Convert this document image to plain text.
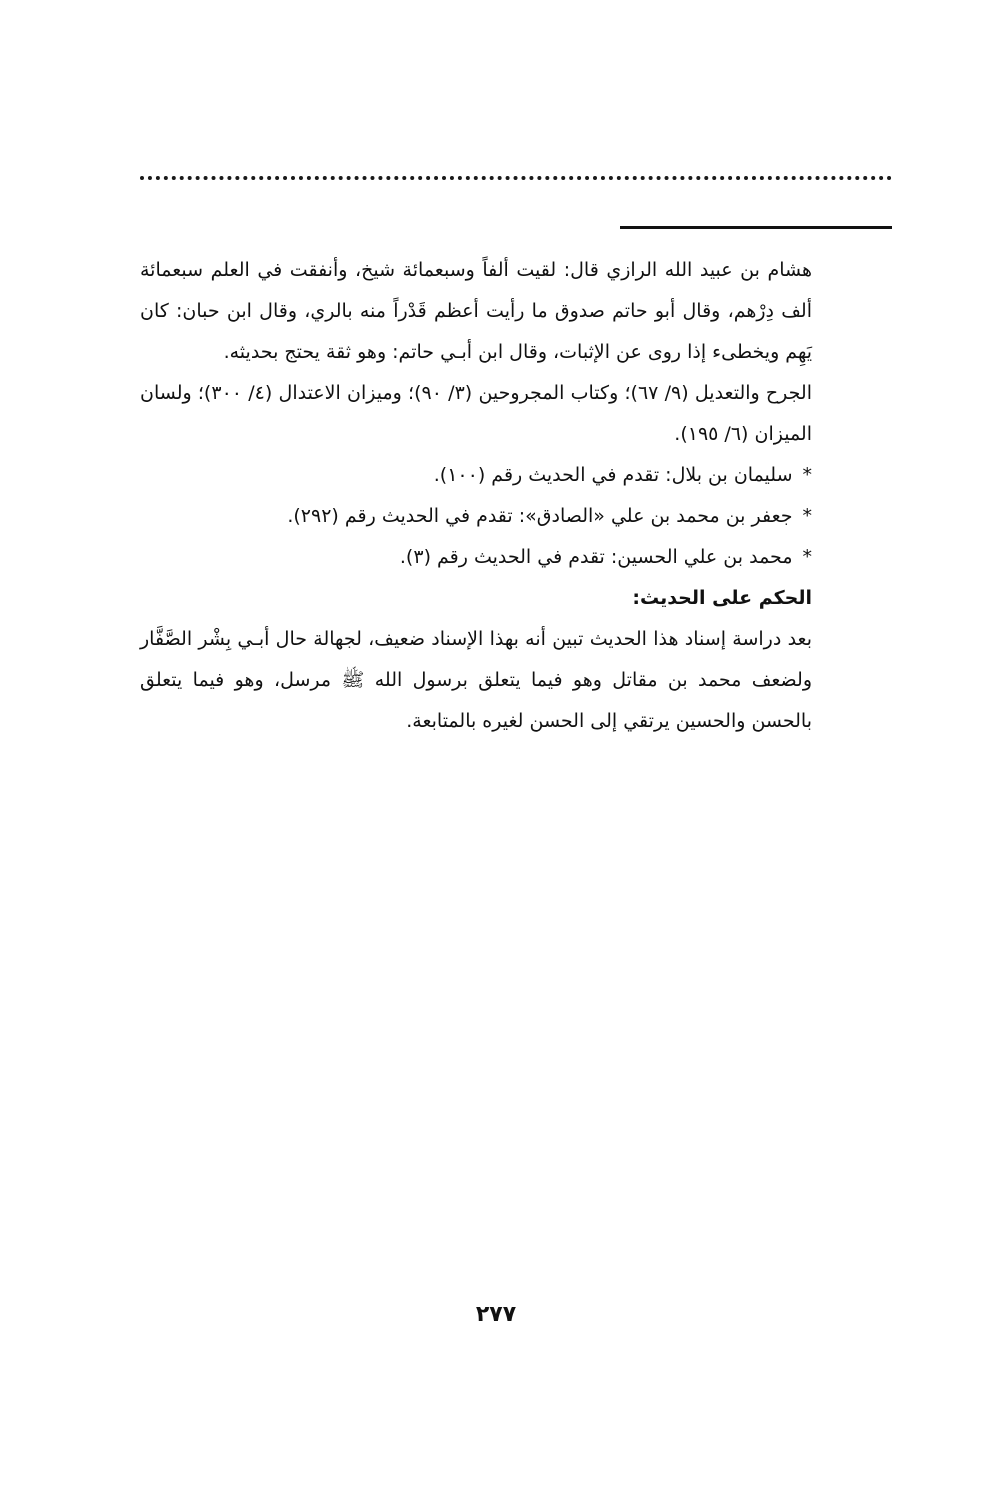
هشام بن عبيد الله الرازي قال: لقيت ألفاً وسبعمائة شيخ، وأنفقت في العلم سبعمائة ألف دِرْهم، وقال أبو حاتم صدوق ما رأيت أعظم قَدْراً منه بالري، وقال ابن حبان: كان يَهِم ويخطىء إذا روى عن الإثبات، وقال ابن أبـي حاتم: وهو ثقة يحتج بحديثه.

الجرح والتعديل (٩/ ٦٧)؛ وكتاب المجروحين (٣/ ٩٠)؛ وميزان الاعتدال (٤/ ٣٠٠)؛ ولسان الميزان (٦/ ١٩٥).

*سليمان بن بلال: تقدم في الحديث رقم (١٠٠).

*جعفر بن محمد بن علي «الصادق»: تقدم في الحديث رقم (٢٩٢).

*محمد بن علي الحسين: تقدم في الحديث رقم (٣).

الحكم على الحديث:

بعد دراسة إسناد هذا الحديث تبين أنه بهذا الإسناد ضعيف، لجهالة حال أبـي بِشْر الصَّفَّار ولضعف محمد بن مقاتل وهو فيما يتعلق برسول الله ﷺ مرسل، وهو فيما يتعلق بالحسن والحسين يرتقي إلى الحسن لغيره بالمتابعة.

٢٧٧
